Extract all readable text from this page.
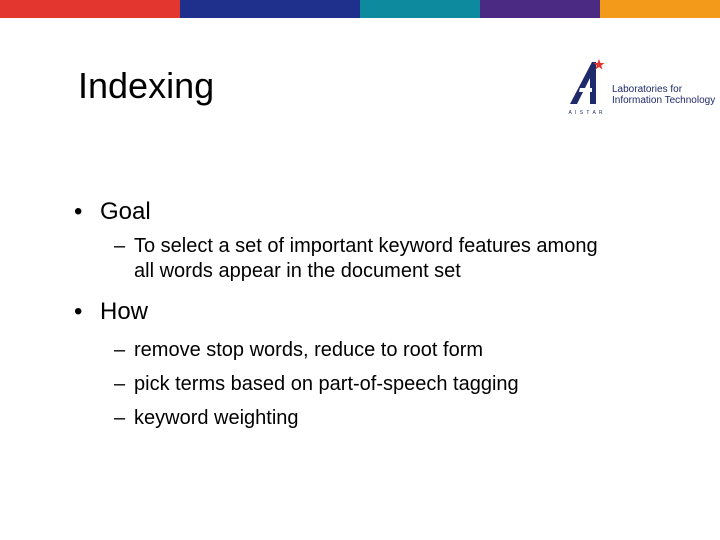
Indexing
A I S T A R
Laboratories for
Information Technology
• Goal
– To select a set of important keyword features among
all words appear in the document set
• How
– remove stop words, reduce to root form
– pick terms based on part-of-speech tagging
– keyword weighting
